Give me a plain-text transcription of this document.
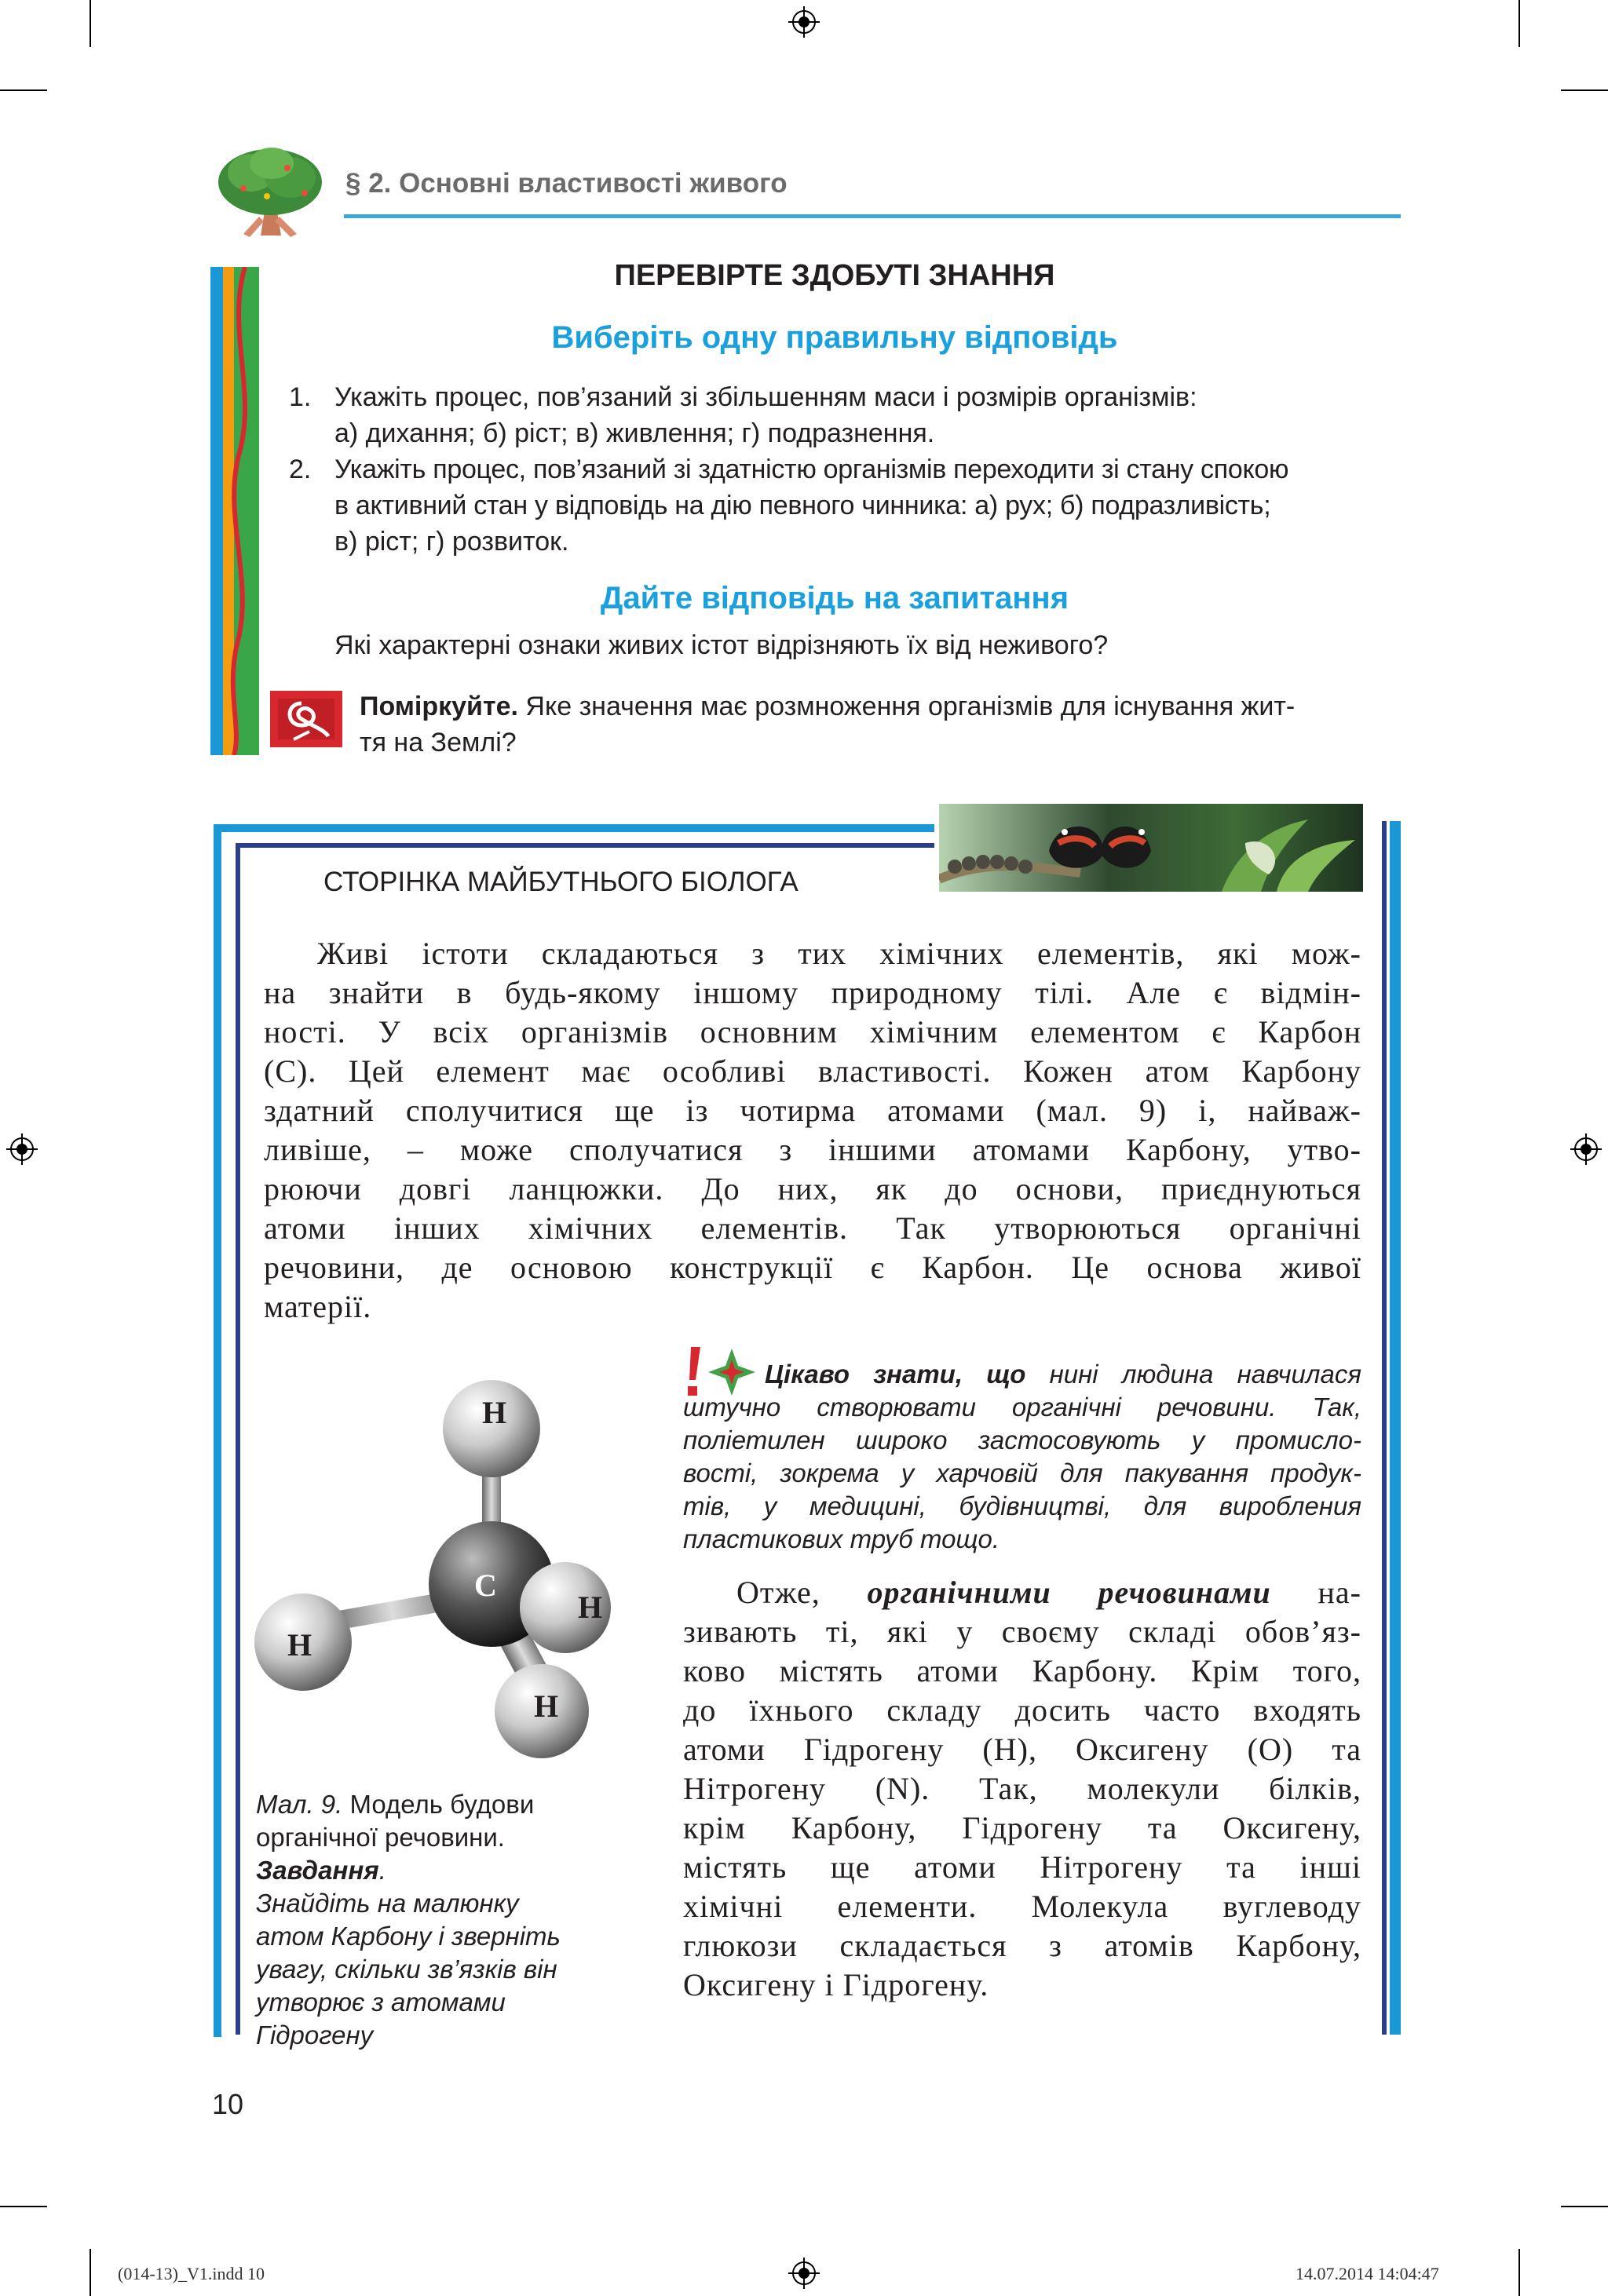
§ 2. Основні властивості живого
ПЕРЕВІРТЕ ЗДОБУТІ ЗНАННЯ
Виберіть одну правильну відповідь
1. Укажіть процес, пов’язаний зі збільшенням маси і розмірів організмів:
а) дихання; б) ріст; в) живлення; г) подразнення.
2. Укажіть процес, пов’язаний зі здатністю організмів переходити зі стану спокою
в активний стан у відповідь на дію певного чинника: а) рух; б) подразливість;
в) ріст; г) розвиток.
Дайте відповідь на запитання
Які характерні ознаки живих істот відрізняють їх від неживого?
Поміркуйте. Яке значення має розмноження організмів для існування жит-
тя на Землі?
СТОРІНКА МАЙБУТНЬОГО БІОЛОГА
Живі істоти складаються з тих хімічних елементів, які мож-
на знайти в будь-якому іншому природному тілі. Але є відмін-
ності. У всіх організмів основним хімічним елементом є Карбон
(С). Цей елемент має особливі властивості. Кожен атом Карбону
здатний сполучитися ще із чотирма атомами (мал. 9) і, найваж-
ливіше, – може сполучатися з іншими атомами Карбону, утво-
рюючи довгі ланцюжки. До них, як до основи, приєднуються
атоми інших хімічних елементів. Так утворюються органічні
речовини, де основою конструкції є Карбон. Це основа живої
матерії.
H
C
H
H
H
Мал. 9. Модель будови
органічної речовини.
Завдання.
Знайдіть на малюнку
атом Карбону і зверніть
увагу, скільки зв’язків він
утворює з атомами
Гідрогену
Цікаво знати, що нині людина навчилася
штучно створювати органічні речовини. Так,
поліетилен широко застосовують у промисло-
вості, зокрема у харчовій для пакування продук-
тів, у медицині, будівництві, для виробления
пластикових труб тощо.
Отже, органічними речовинами на-
зивають ті, які у своєму складі обов’яз-
ково містять атоми Карбону. Крім того,
до їхнього складу досить часто входять
атоми Гідрогену (Н), Оксигену (О) та
Нітрогену (N). Так, молекули білків,
крім Карбону, Гідрогену та Оксигену,
містять ще атоми Нітрогену та інші
хімічні елементи. Молекула вуглеводу
глюкози складається з атомів Карбону,
Оксигену і Гідрогену.
10
(014-13)_V1.indd 10	14.07.2014 14:04:47
